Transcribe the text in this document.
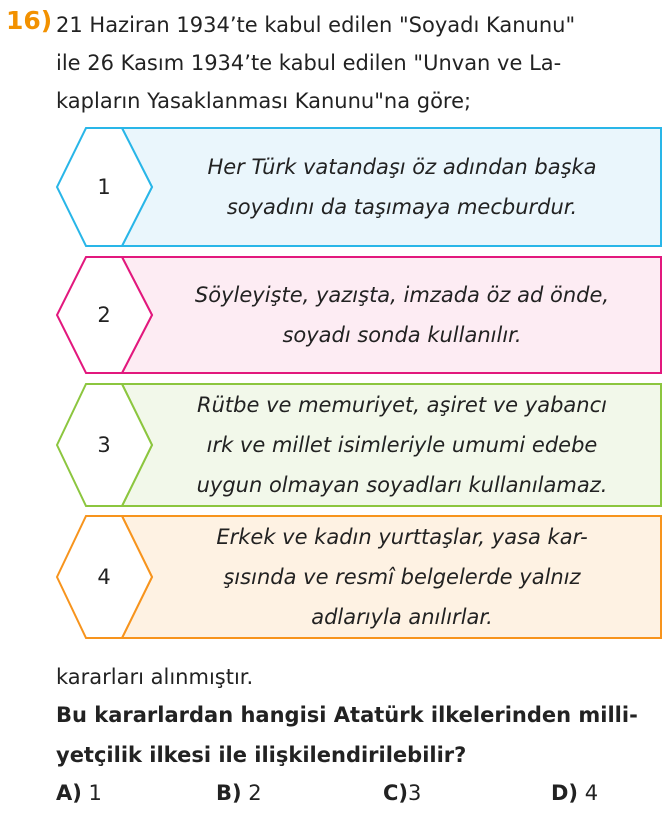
16) 21 Haziran 1934’te kabul edilen "Soyadı Kanunu"
ile 26 Kasım 1934’te kabul edilen "Unvan ve La-
kapların Yasaklanması Kanunu"na göre;
1
Her Türk vatandaşı öz adından başka
soyadını da taşımaya mecburdur.
2
Söyleyişte, yazışta, imzada öz ad önde,
soyadı sonda kullanılır.
3
Rütbe ve memuriyet, aşiret ve yabancı
ırk ve millet isimleriyle umumi edebe
uygun olmayan soyadları kullanılamaz.
4
Erkek ve kadın yurttaşlar, yasa kar-
şısında ve resmî belgelerde yalnız
adlarıyla anılırlar.
kararları alınmıştır.
Bu kararlardan hangisi Atatürk ilkelerinden milli-
yetçilik ilkesi ile ilişkilendirilebilir?
A) 1	B) 2	C)3	D) 4
